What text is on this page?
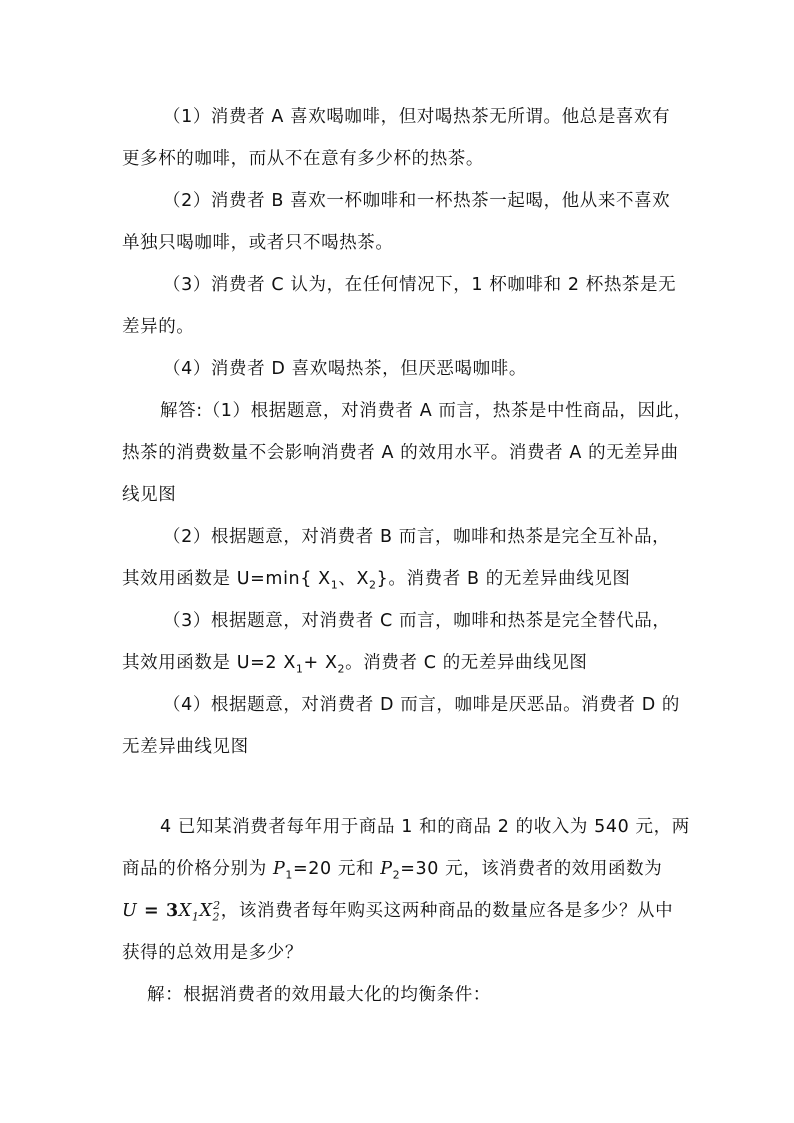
（1）消费者 A 喜欢喝咖啡，但对喝热茶无所谓。他总是喜欢有
更多杯的咖啡，而从不在意有多少杯的热茶。
（2）消费者 B 喜欢一杯咖啡和一杯热茶一起喝，他从来不喜欢
单独只喝咖啡，或者只不喝热茶。
（3）消费者 C 认为，在任何情况下，1 杯咖啡和 2 杯热茶是无
差异的。
（4）消费者 D 喜欢喝热茶，但厌恶喝咖啡。
解答:（1）根据题意，对消费者 A 而言，热茶是中性商品，因此，
热茶的消费数量不会影响消费者 A 的效用水平。消费者 A 的无差异曲
线见图
（2）根据题意，对消费者 B 而言，咖啡和热茶是完全互补品，
其效用函数是 U=min{ $X_1$、$X_2$}。消费者 B 的无差异曲线见图
（3）根据题意，对消费者 C 而言，咖啡和热茶是完全替代品，
其效用函数是 U=2 $X_1+ X_2$。消费者 C 的无差异曲线见图
（4）根据题意，对消费者 D 而言，咖啡是厌恶品。消费者 D 的
无差异曲线见图
4 已知某消费者每年用于商品 1 和的商品 2 的收入为 540 元，两
商品的价格分别为 $P_1=20$ 元和 $P_2=30$ 元，该消费者的效用函数为
$U = 3X_1X_2^2$，该消费者每年购买这两种商品的数量应各是多少？从中
获得的总效用是多少？
解：根据消费者的效用最大化的均衡条件：
